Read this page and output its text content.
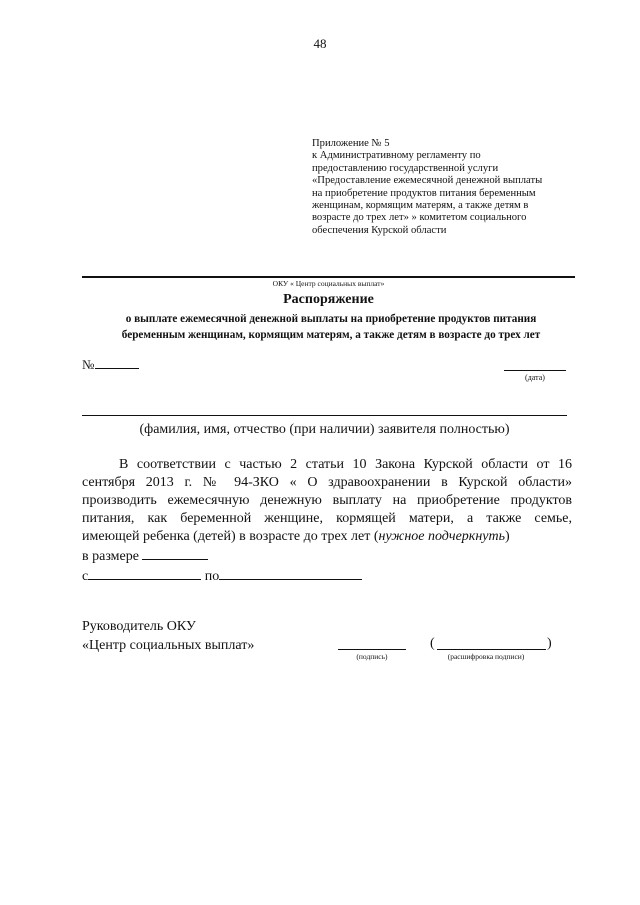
48
Приложение № 5
к Административному регламенту по
предоставлению государственной услуги
«Предоставление ежемесячной денежной выплаты
на приобретение продуктов питания беременным
женщинам, кормящим матерям, а также детям в
возрасте до трех лет» » комитетом социального
обеспечения Курской области
ОКУ « Центр социальных выплат»
Распоряжение
о выплате ежемесячной денежной выплаты на приобретение продуктов питания
беременным женщинам, кормящим матерям, а также детям в возрасте до трех лет
№
(дата)
(фамилия, имя, отчество (при наличии) заявителя полностью)
В соответствии с частью 2 статьи 10 Закона Курской области от 16
сентября 2013 г. № 94-ЗКО « О здравоохранении в Курской области»
производить ежемесячную денежную выплату на приобретение продуктов
питания, как беременной женщине, кормящей матери, а также семье,
имеющей ребенка (детей) в возрасте до трех лет (нужное подчеркнуть)
в размере
с	по
Руководитель ОКУ
«Центр социальных выплат»
(подпись)
(	)
(расшифровка подписи)
